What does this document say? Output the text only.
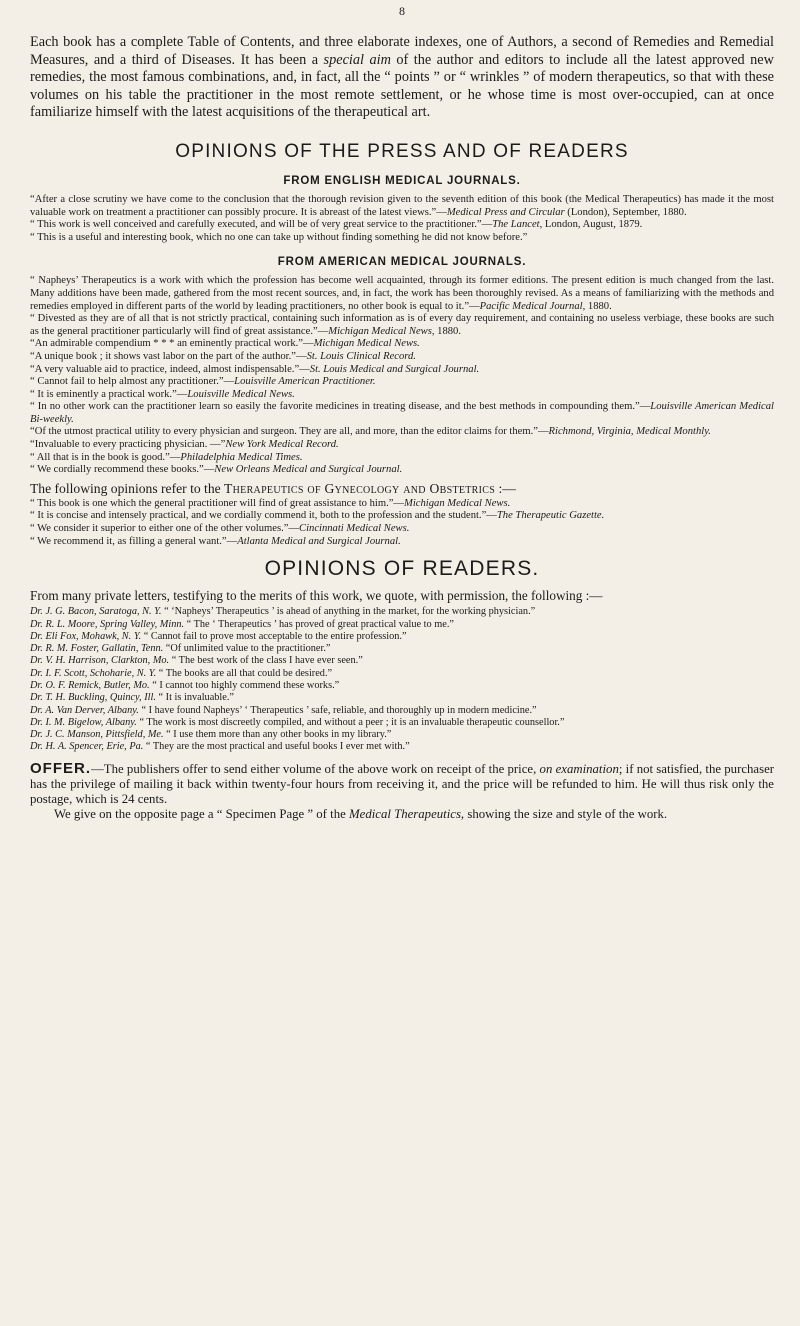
8

Each book has a complete Table of Contents, and three elaborate indexes, one of Authors, a second of Remedies and Remedial Measures, and a third of Diseases. It has been a special aim of the author and editors to include all the latest approved new remedies, the most famous combinations, and, in fact, all the “ points ” or “ wrinkles ” of modern therapeutics, so that with these volumes on his table the practitioner in the most remote settlement, or he whose time is most over-occupied, can at once familiarize himself with the latest acquisitions of the therapeutical art.

OPINIONS OF THE PRESS AND OF READERS
FROM ENGLISH MEDICAL JOURNALS.

“After a close scrutiny we have come to the conclusion that the thorough revision given to the seventh edition of this book (the Medical Therapeutics) has made it the most valuable work on treatment a practitioner can possibly procure. It is abreast of the latest views.”—Medical Press and Circular (London), September, 1880.

“ This work is well conceived and carefully executed, and will be of very great service to the practitioner.”—The Lancet, London, August, 1879.

“ This is a useful and interesting book, which no one can take up without finding something he did not know before.”

FROM AMERICAN MEDICAL JOURNALS.

“ Napheys’ Therapeutics is a work with which the profession has become well acquainted, through its former editions. The present edition is much changed from the last. Many additions have been made, gathered from the most recent sources, and, in fact, the work has been thoroughly revised. As a means of familiarizing with the methods and remedies employed in different parts of the world by leading practitioners, no other book is equal to it.”—Pacific Medical Journal, 1880.

“ Divested as they are of all that is not strictly practical, containing such information as is of every day requirement, and containing no useless verbiage, these books are such as the general practitioner particularly will find of great assistance.”—Michigan Medical News, 1880.

“An admirable compendium * * * an eminently practical work.”—Michigan Medical News.

“A unique book ; it shows vast labor on the part of the author.”—St. Louis Clinical Record.

“A very valuable aid to practice, indeed, almost indispensable.”—St. Louis Medical and Surgical Journal.

“ Cannot fail to help almost any practitioner.”—Louisville American Practitioner.

“ It is eminently a practical work.”—Louisville Medical News.

“ In no other work can the practitioner learn so easily the favorite medicines in treating disease, and the best methods in compounding them.”—Louisville American Medical Bi-weekly.

“Of the utmost practical utility to every physician and surgeon. They are all, and more, than the editor claims for them.”—Richmond, Virginia, Medical Monthly.

“Invaluable to every practicing physician. —”New York Medical Record.

“ All that is in the book is good.”—Philadelphia Medical Times.

“ We cordially recommend these books.”—New Orleans Medical and Surgical Journal.

The following opinions refer to the Therapeutics of Gynecology and Obstetrics :—

“ This book is one which the general practitioner will find of great assistance to him.”—Michigan Medical News.

“ It is concise and intensely practical, and we cordially commend it, both to the profession and the student.”—The Therapeutic Gazette.

“ We consider it superior to either one of the other volumes.”—Cincinnati Medical News.

“ We recommend it, as filling a general want.”—Atlanta Medical and Surgical Journal.

OPINIONS OF READERS.

From many private letters, testifying to the merits of this work, we quote, with permission, the following :—

Dr. J. G. Bacon, Saratoga, N. Y. “ ‘Napheys’ Therapeutics ’ is ahead of anything in the market, for the working physician.”

Dr. R. L. Moore, Spring Valley, Minn. “ The ‘ Therapeutics ’ has proved of great practical value to me.”

Dr. Eli Fox, Mohawk, N. Y. “ Cannot fail to prove most acceptable to the entire profession.”

Dr. R. M. Foster, Gallatin, Tenn. “Of unlimited value to the practitioner.”

Dr. V. H. Harrison, Clarkton, Mo. “ The best work of the class I have ever seen.”

Dr. I. F. Scott, Schoharie, N. Y. “ The books are all that could be desired.”

Dr. O. F. Remick, Butler, Mo. “ I cannot too highly commend these works.”

Dr. T. H. Buckling, Quincy, Ill. “ It is invaluable.”

Dr. A. Van Derver, Albany. “ I have found Napheys’ ‘ Therapeutics ’ safe, reliable, and thoroughly up in modern medicine.”

Dr. I. M. Bigelow, Albany. “ The work is most discreetly compiled, and without a peer ; it is an invaluable therapeutic counsellor.”

Dr. J. C. Manson, Pittsfield, Me. “ I use them more than any other books in my library.”

Dr. H. A. Spencer, Erie, Pa. “ They are the most practical and useful books I ever met with.”

OFFER.—The publishers offer to send either volume of the above work on receipt of the price, on examination; if not satisfied, the purchaser has the privilege of mailing it back within twenty-four hours from receiving it, and the price will be refunded to him. He will thus risk only the postage, which is 24 cents.

We give on the opposite page a “ Specimen Page ” of the Medical Therapeutics, showing the size and style of the work.
